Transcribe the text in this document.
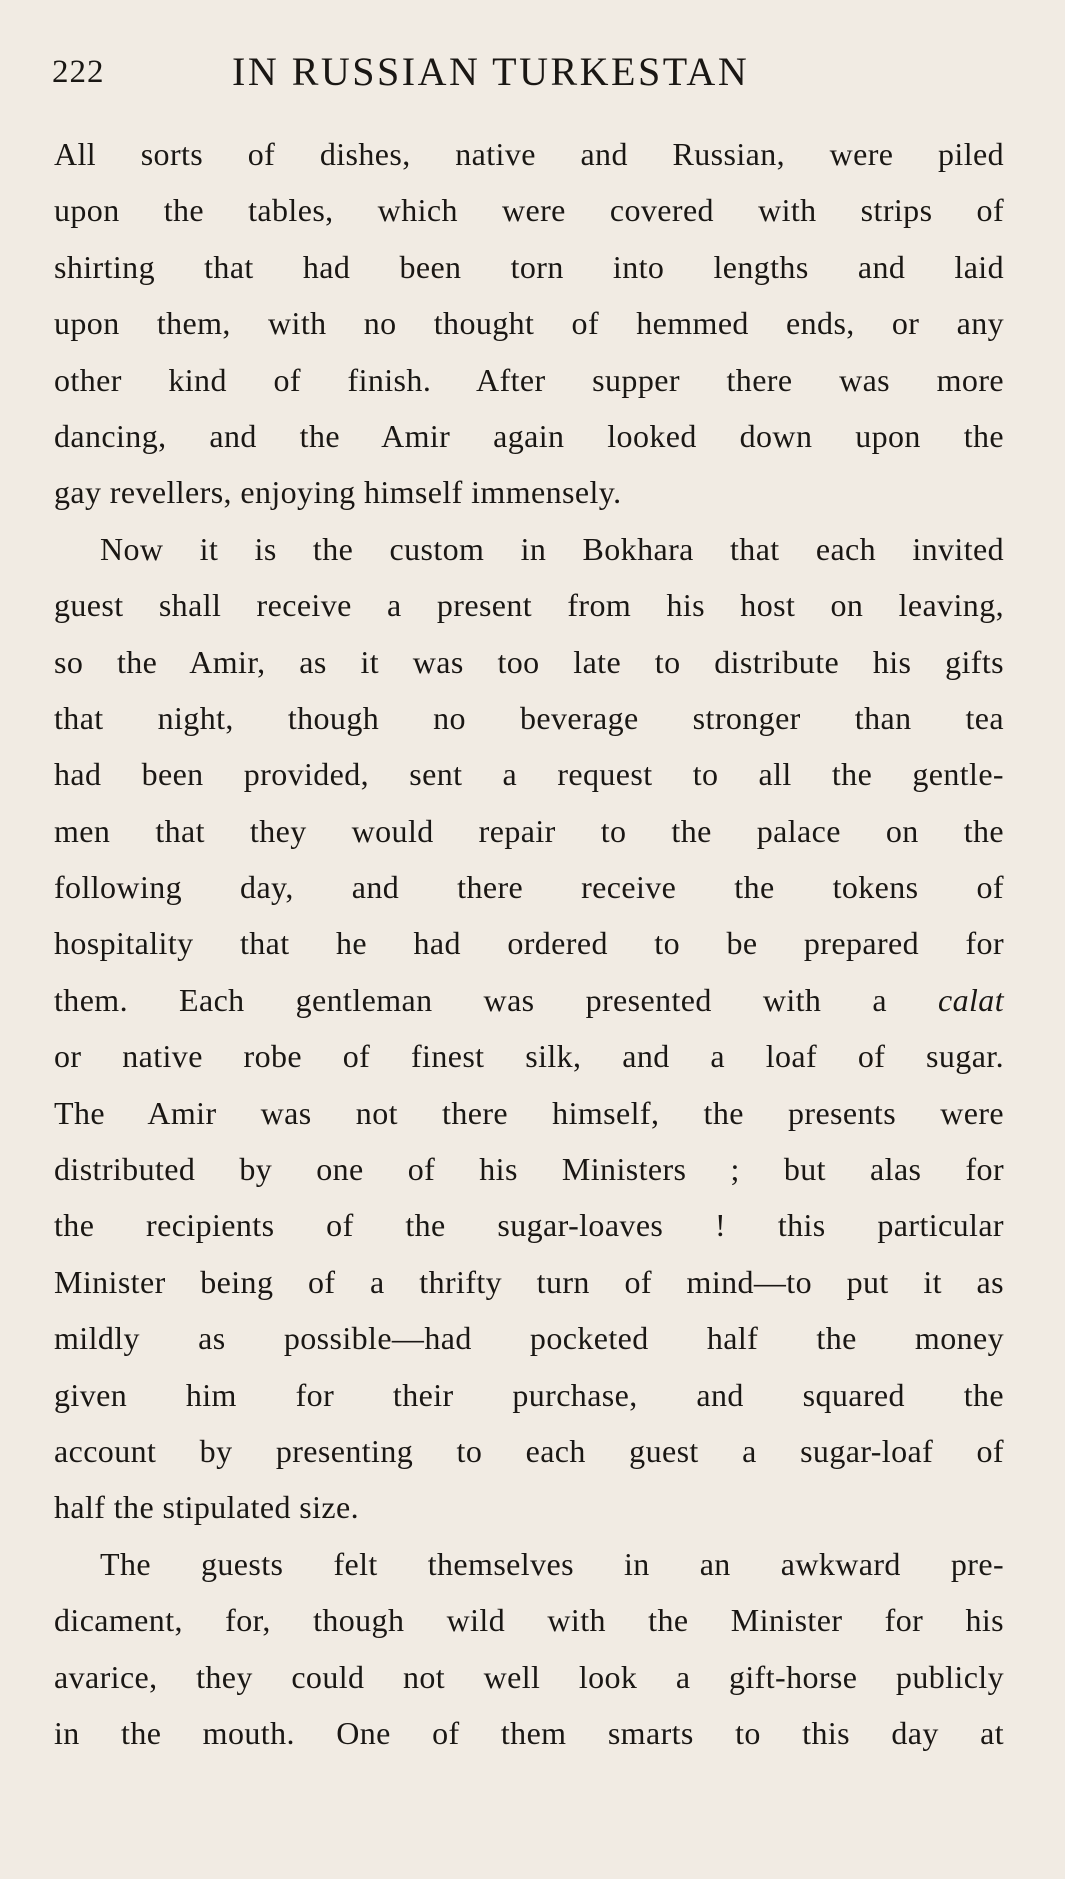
222	IN RUSSIAN TURKESTAN
All sorts of dishes, native and Russian, were piled
upon the tables, which were covered with strips of
shirting that had been torn into lengths and laid
upon them, with no thought of hemmed ends, or any
other kind of finish. After supper there was more
dancing, and the Amir again looked down upon the
gay revellers, enjoying himself immensely.
Now it is the custom in Bokhara that each invited
guest shall receive a present from his host on leaving,
so the Amir, as it was too late to distribute his gifts
that night, though no beverage stronger than tea
had been provided, sent a request to all the gentle-
men that they would repair to the palace on the
following day, and there receive the tokens of
hospitality that he had ordered to be prepared for
them. Each gentleman was presented with a calat
or native robe of finest silk, and a loaf of sugar.
The Amir was not there himself, the presents were
distributed by one of his Ministers ; but alas for
the recipients of the sugar-loaves ! this particular
Minister being of a thrifty turn of mind—to put it as
mildly as possible—had pocketed half the money
given him for their purchase, and squared the
account by presenting to each guest a sugar-loaf of
half the stipulated size.
The guests felt themselves in an awkward pre-
dicament, for, though wild with the Minister for his
avarice, they could not well look a gift-horse publicly
in the mouth. One of them smarts to this day at
